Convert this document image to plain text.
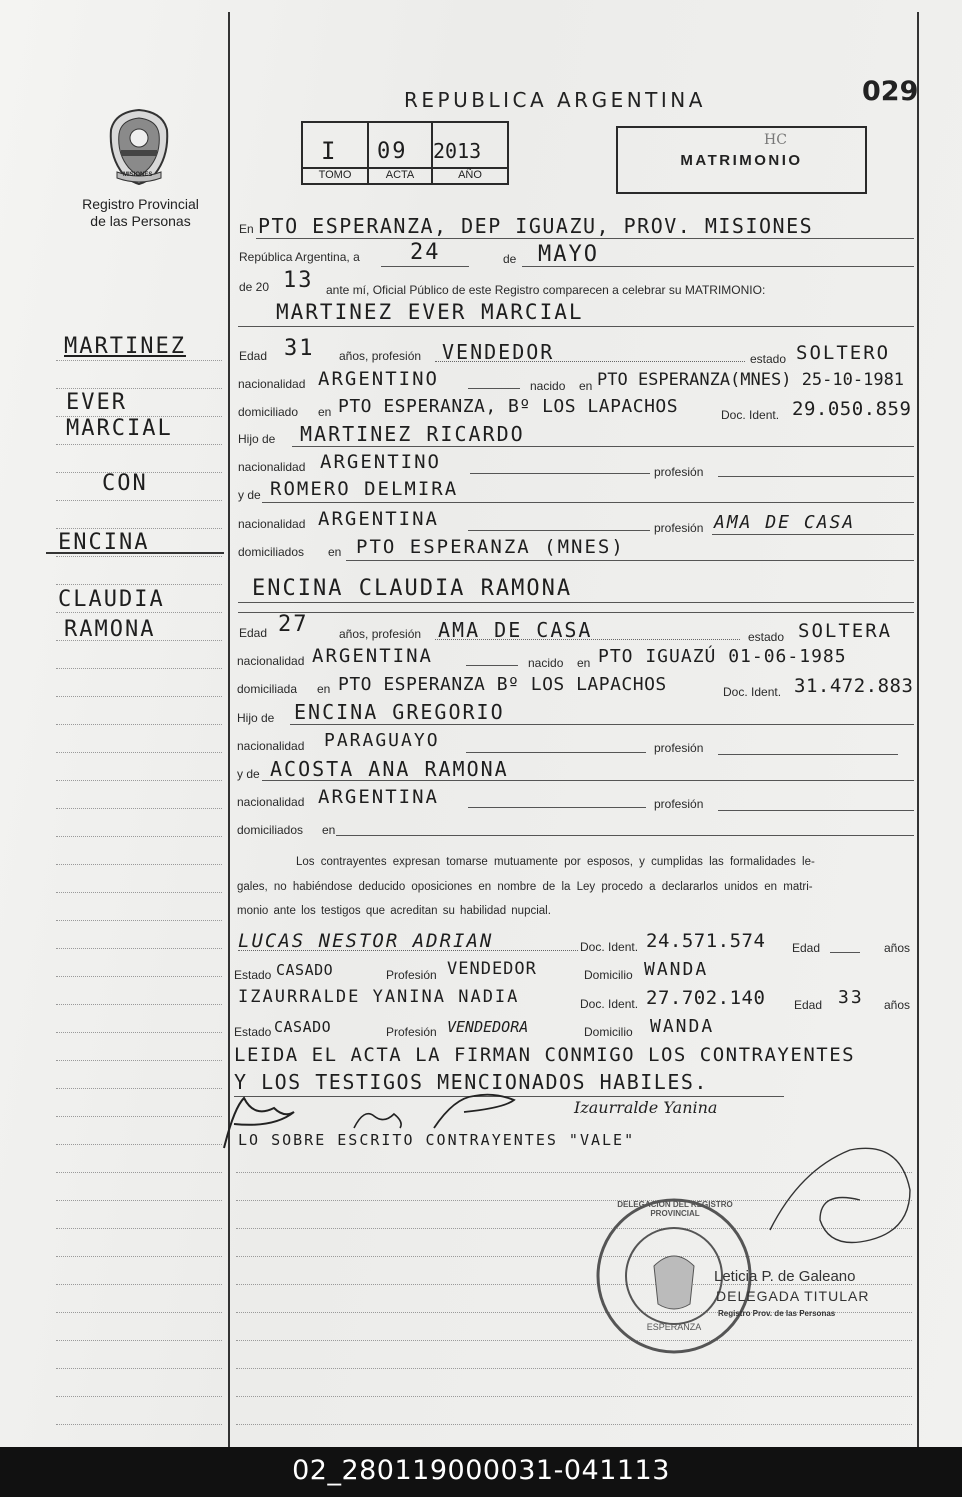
029
REPUBLICA ARGENTINA
MISIONES
Registro Provincial
de las Personas
I 09 2013
TOMO	ACTA	AÑO
MATRIMONIO
HC
MARTINEZ
EVER
MARCIAL
CON
ENCINA
CLAUDIA
RAMONA
En PTO ESPERANZA, DEP IGUAZU, PROV. MISIONES
República Argentina, a 24	de MAYO
de 20 13 ante mí, Oficial Público de este Registro comparecen a celebrar su MATRIMONIO:
MARTINEZ EVER MARCIAL
Edad 31 años, profesión VENDEDOR	estado SOLTERO
nacionalidad ARGENTINO	nacido en PTO ESPERANZA(MNES) 25-10-1981
domiciliado en PTO ESPERANZA, Bº LOS LAPACHOS	Doc. Ident. 29.050.859
Hijo de MARTINEZ RICARDO
nacionalidad ARGENTINO	profesión
y de ROMERO DELMIRA
nacionalidad ARGENTINA	profesión AMA DE CASA
domiciliados en PTO ESPERANZA (MNES)
ENCINA CLAUDIA RAMONA
Edad 27	años, profesión AMA DE CASA	estado SOLTERA
nacionalidad ARGENTINA	nacido en PTO IGUAZÚ 01-06-1985
domiciliada en PTO ESPERANZA Bº LOS LAPACHOS	Doc. Ident. 31.472.883
Hijo de ENCINA GREGORIO
nacionalidad PARAGUAYO	profesión
y de ACOSTA ANA RAMONA
nacionalidad ARGENTINA	profesión
domiciliados en
Los contrayentes expresan tomarse mutuamente por esposos, y cumplidas las formalidades le-
gales, no habiéndose deducido oposiciones en nombre de la Ley procedo a declararlos unidos en matri-
monio ante los testigos que acreditan su habilidad nupcial.
LUCAS NESTOR ADRIAN	Doc. Ident. 24.571.574 Edad	años
Estado CASADO	Profesión VENDEDOR	Domicilio WANDA
IZAURRALDE YANINA NADIA	Doc. Ident. 27.702.140 Edad 33 años
Estado CASADO	Profesión VENDEDORA	Domicilio WANDA
LEIDA EL ACTA LA FIRMAN CONMIGO LOS CONTRAYENTES
Y LOS TESTIGOS MENCIONADOS HABILES.
Izaurralde Yanina
LO SOBRE ESCRITO CONTRAYENTES "VALE"
DELEGACION DEL REGISTRO PROVINCIAL
ESPERANZA
Leticia P. de Galeano
DELEGADA TITULAR
Registro Prov. de las Personas
02_280119000031-041113
